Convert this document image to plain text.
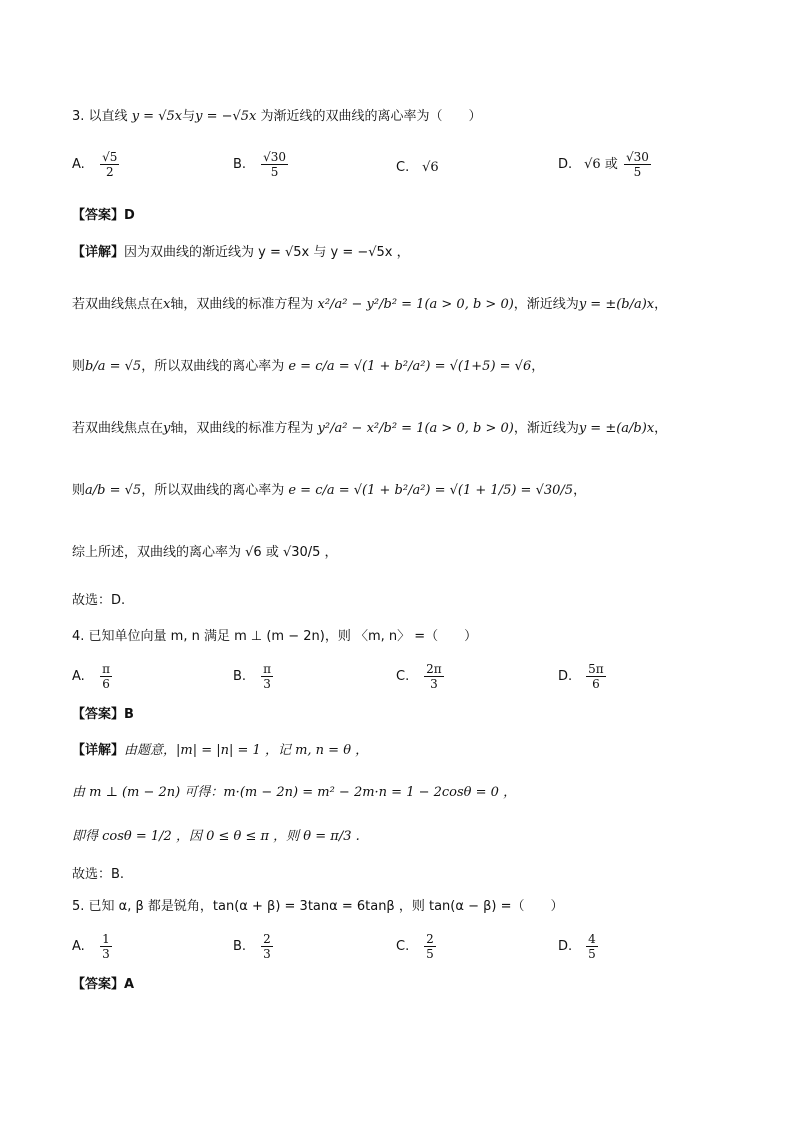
3. 以直线 y = √5x与y = −√5x 为渐近线的双曲线的离心率为（　　）
A. $\frac{√5}{2}$	B. $\frac{√30}{5}$	C. √6	D. √6 或 $\frac{√30}{5}$
【答案】D
【详解】因为双曲线的渐近线为 y = √5x 与 y = −√5x ，
若双曲线焦点在x轴，双曲线的标准方程为 x²/a² − y²/b² = 1(a > 0, b > 0)，渐近线为y = ±(b/a)x，
则b/a = √5，所以双曲线的离心率为 e = c/a = √(1 + b²/a²) = √(1+5) = √6，
若双曲线焦点在y轴，双曲线的标准方程为 y²/a² − x²/b² = 1(a > 0, b > 0)，渐近线为y = ±(a/b)x，
则a/b = √5，所以双曲线的离心率为 e = c/a = √(1 + b²/a²) = √(1 + 1/5) = √30/5，
综上所述，双曲线的离心率为 √6 或 √30/5 ，
故选：D.
4. 已知单位向量 m, n 满足 m ⊥ (m − 2n)，则 〈m, n〉 =（　　）
A. $\frac{\pi}{6}$	B. $\frac{\pi}{3}$	C. $\frac{2\pi}{3}$	D. $\frac{5\pi}{6}$
【答案】B
【详解】由题意，|m| = |n| = 1 ，记 m, n = θ ，
由 m ⊥ (m − 2n) 可得：m·(m − 2n) = m² − 2m·n = 1 − 2cosθ = 0 ，
即得 cosθ = 1/2 ，因 0 ≤ θ ≤ π ，则 θ = π/3 .
故选：B.
5. 已知 α, β 都是锐角，tan(α + β) = 3tanα = 6tanβ ，则 tan(α − β) =（　　）
A. $\frac{1}{3}$	B. $\frac{2}{3}$	C. $\frac{2}{5}$	D. $\frac{4}{5}$
【答案】A
